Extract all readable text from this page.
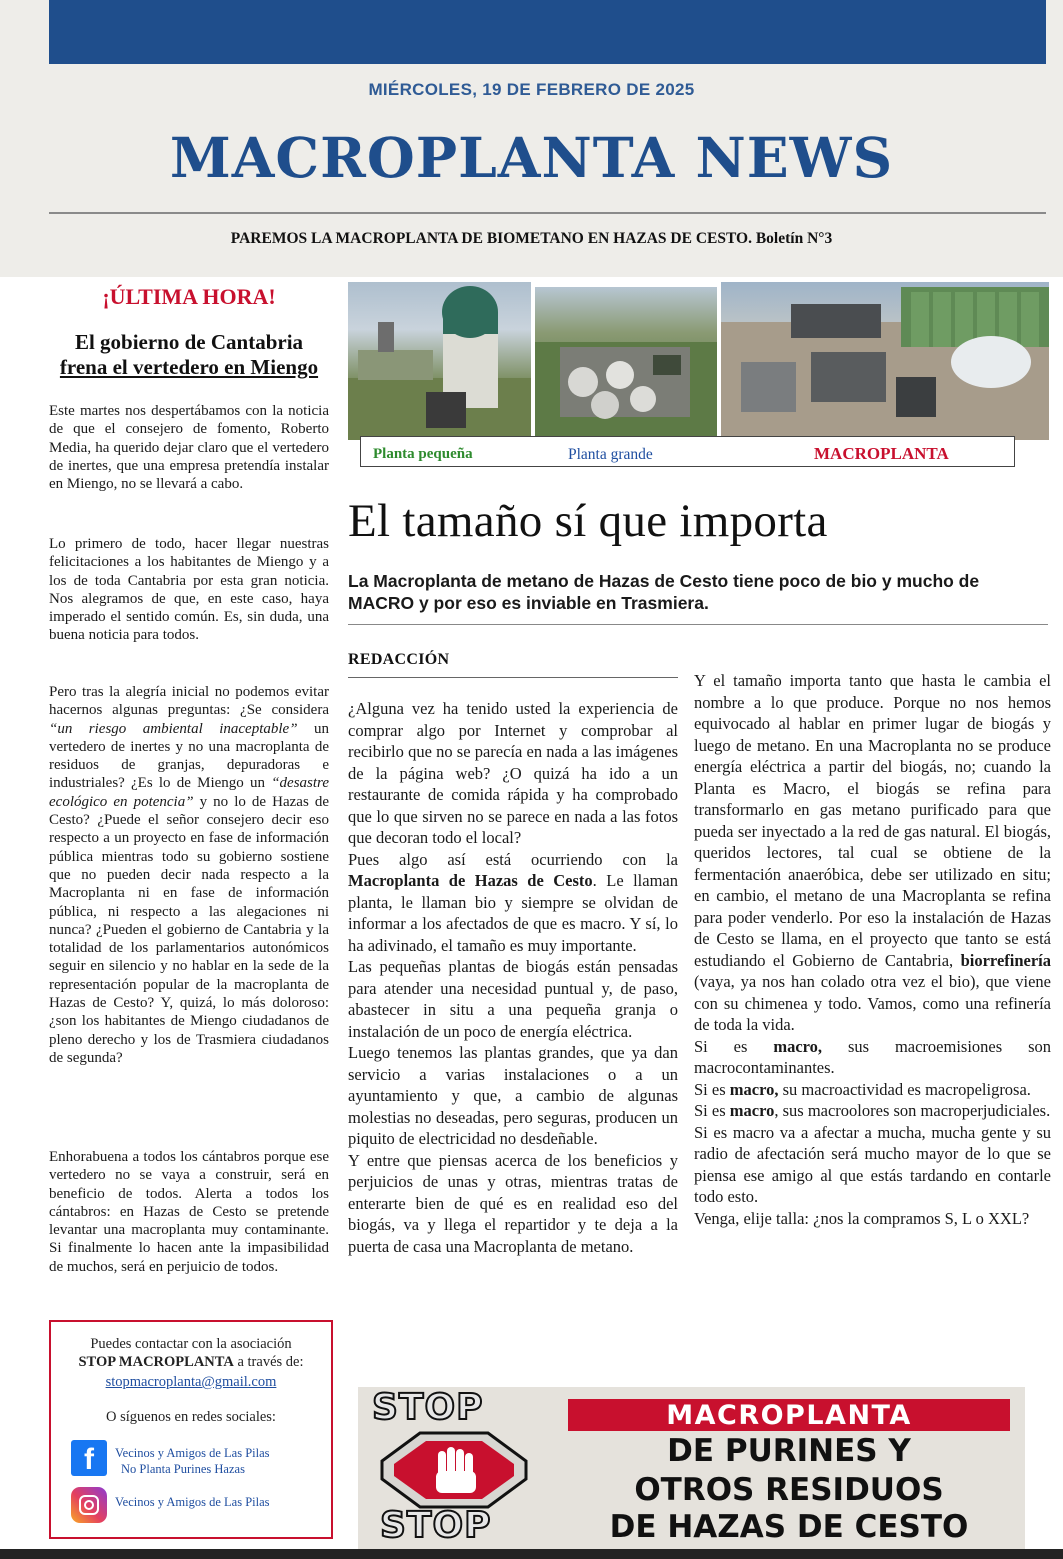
MIÉRCOLES, 19 DE FEBRERO DE 2025
MACROPLANTA NEWS
PAREMOS LA MACROPLANTA DE BIOMETANO EN HAZAS DE CESTO. Boletín N°3
¡ÚLTIMA HORA!
El gobierno de Cantabria
frena el vertedero en Miengo

Este martes nos despertábamos con la noticia de que el consejero de fomento, Roberto Media, ha querido dejar claro que el vertedero de inertes, que una empresa pretendía instalar en Miengo, no se llevará a cabo.

Lo primero de todo, hacer llegar nuestras felicitaciones a los habitantes de Miengo y a los de toda Cantabria por esta gran noticia. Nos alegramos de que, en este caso, haya imperado el sentido común. Es, sin duda, una buena noticia para todos.

Pero tras la alegría inicial no podemos evitar hacernos algunas preguntas: ¿Se considera “un riesgo ambiental inaceptable” un vertedero de inertes y no una macroplanta de residuos de granjas, depuradoras e industriales? ¿Es lo de Miengo un “desastre ecológico en potencia” y no lo de Hazas de Cesto? ¿Puede el señor consejero decir eso respecto a un proyecto en fase de información pública mientras todo su gobierno sostiene que no pueden decir nada respecto a la Macroplanta ni en fase de información pública, ni respecto a las alegaciones ni nunca? ¿Pueden el gobierno de Cantabria y la totalidad de los parlamentarios autonómicos seguir en silencio y no hablar en la sede de la representación popular de la macroplanta de Hazas de Cesto? Y, quizá, lo más doloroso: ¿son los habitantes de Miengo ciudadanos de pleno derecho y los de Trasmiera ciudadanos de segunda?

Enhorabuena a todos los cántabros porque ese vertedero no se vaya a construir, será en beneficio de todos. Alerta a todos los cántabros: en Hazas de Cesto se pretende levantar una macroplanta muy contaminante. Si finalmente lo hacen ante la impasibilidad de muchos, será en perjuicio de todos.

Puedes contactar con la asociación
STOP MACROPLANTA a través de:
stopmacroplanta@gmail.com
O síguenos en redes sociales:
f	Vecinos y Amigos de Las Pilas
No Planta Purines Hazas
Vecinos y Amigos de Las Pilas
Planta pequeña	Planta grande	MACROPLANTA
El tamaño sí que importa
La Macroplanta de metano de Hazas de Cesto tiene poco de bio y mucho de MACRO y por eso es inviable en Trasmiera.
REDACCIÓN

¿Alguna vez ha tenido usted la experiencia de comprar algo por Internet y comprobar al recibirlo que no se parecía en nada a las imágenes de la página web? ¿O quizá ha ido a un restaurante de comida rápida y ha comprobado que lo que sirven no se parece en nada a las fotos que decoran todo el local?

Pues algo así está ocurriendo con la Macroplanta de Hazas de Cesto. Le llaman planta, le llaman bio y siempre se olvidan de informar a los afectados de que es macro. Y sí, lo ha adivinado, el tamaño es muy importante.

Las pequeñas plantas de biogás están pensadas para atender una necesidad puntual y, de paso, abastecer in situ a una pequeña granja o instalación de un poco de energía eléctrica.

Luego tenemos las plantas grandes, que ya dan servicio a varias instalaciones o a un ayuntamiento y que, a cambio de algunas molestias no deseadas, pero seguras, producen un piquito de electricidad no desdeñable.

Y entre que piensas acerca de los beneficios y perjuicios de unas y otras, mientras tratas de enterarte bien de qué es en realidad eso del biogás, va y llega el repartidor y te deja a la puerta de casa una Macroplanta de metano.

Y el tamaño importa tanto que hasta le cambia el nombre a lo que produce. Porque no nos hemos equivocado al hablar en primer lugar de biogás y luego de metano. En una Macroplanta no se produce energía eléctrica a partir del biogás, no; cuando la Planta es Macro, el biogás se refina para transformarlo en gas metano purificado para que pueda ser inyectado a la red de gas natural. El biogás, queridos lectores, tal cual se obtiene de la fermentación anaeróbica, debe ser utilizado en situ; en cambio, el metano de una Macroplanta se refina para poder venderlo. Por eso la instalación de Hazas de Cesto se llama, en el proyecto que tanto se está estudiando el Gobierno de Cantabria, biorrefinería (vaya, ya nos han colado otra vez el bio), que viene con su chimenea y todo. Vamos, como una refinería de toda la vida.

Si es macro, sus macroemisiones son macrocontaminantes.

Si es macro, su macroactividad es macropeligrosa.

Si es macro, sus macroolores son macroperjudiciales.

Si es macro va a afectar a mucha, mucha gente y su radio de afectación será mucho mayor de lo que se piensa ese amigo al que estás tardando en contarle todo esto.

Venga, elije talla: ¿nos la compramos S, L o XXL?

STOP
STOP
MACROPLANTA
DE PURINES Y
OTROS RESIDUOS
DE HAZAS DE CESTO
